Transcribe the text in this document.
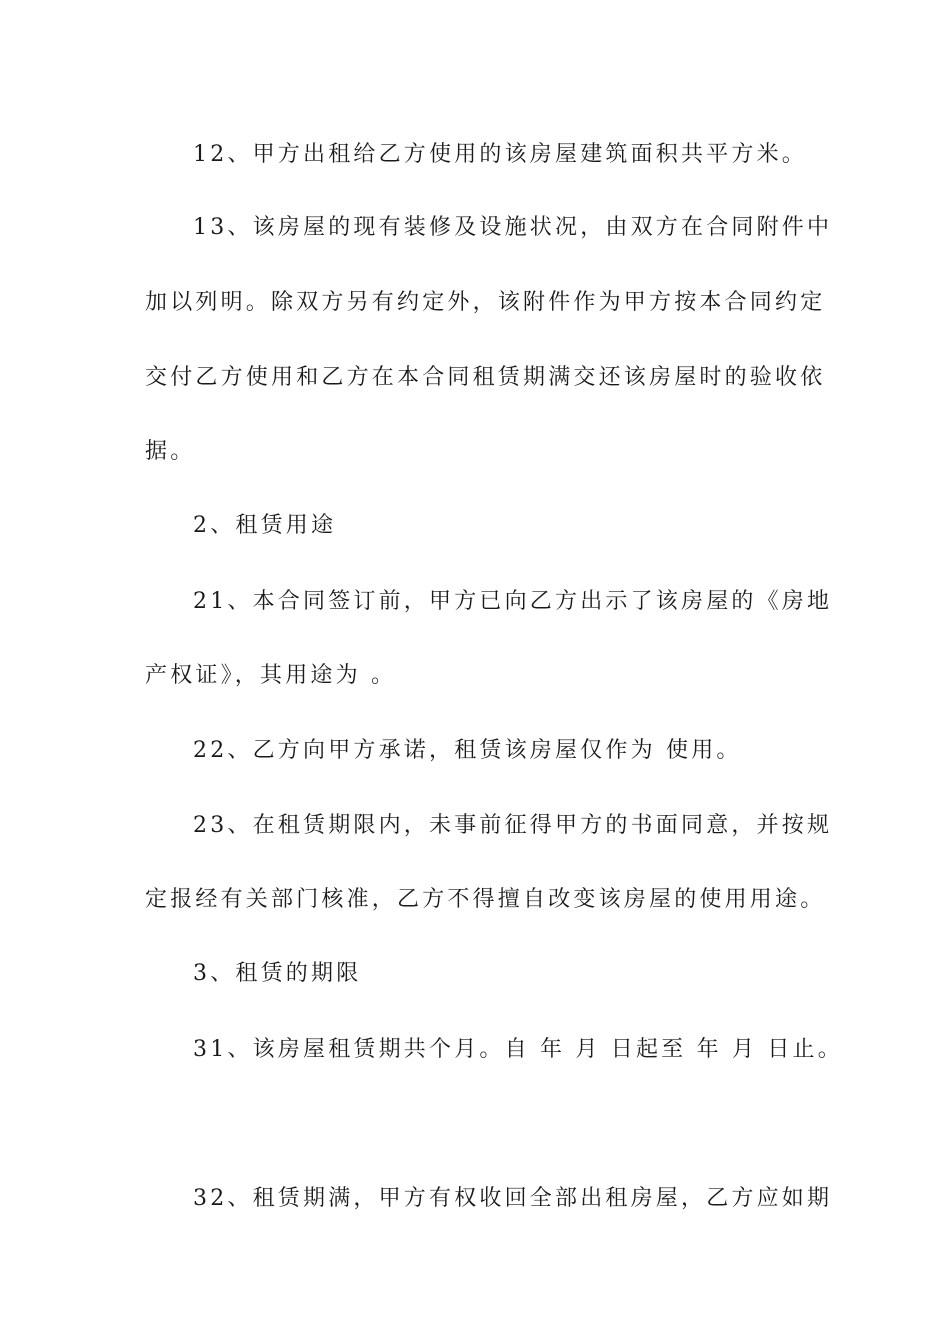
12、甲方出租给乙方使用的该房屋建筑面积共平方米。
13、该房屋的现有装修及设施状况，由双方在合同附件中
加以列明。除双方另有约定外，该附件作为甲方按本合同约定
交付乙方使用和乙方在本合同租赁期满交还该房屋时的验收依
据。
2、租赁用途
21、本合同签订前，甲方已向乙方出示了该房屋的《房地
产权证》，其用途为 。
22、乙方向甲方承诺，租赁该房屋仅作为 使用。
23、在租赁期限内，未事前征得甲方的书面同意，并按规
定报经有关部门核准，乙方不得擅自改变该房屋的使用用途。
3、租赁的期限
31、该房屋租赁期共个月。自 年 月 日起至 年 月 日止。
32、租赁期满，甲方有权收回全部出租房屋，乙方应如期
